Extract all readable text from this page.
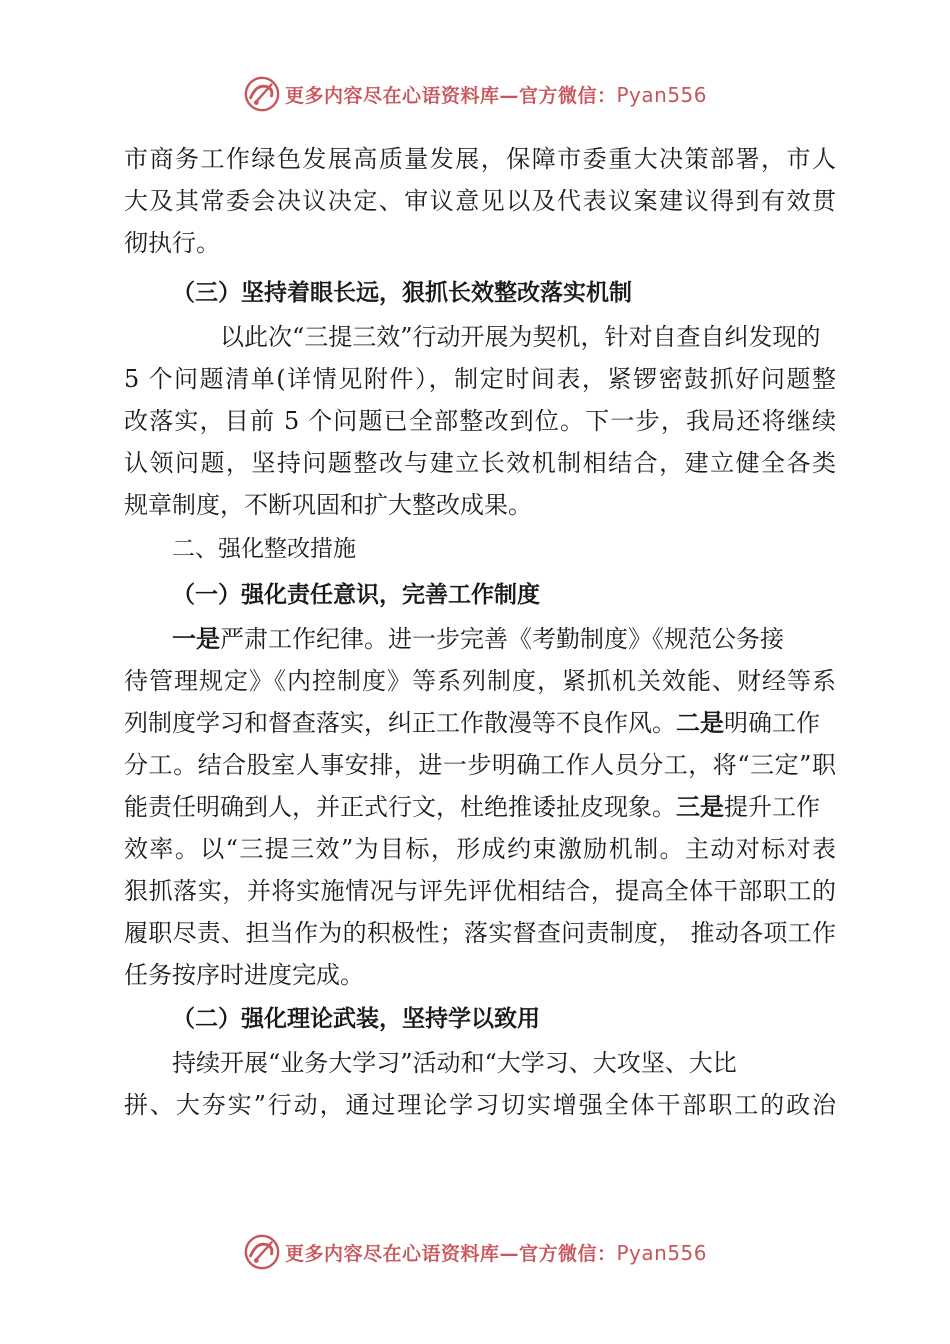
更多内容尽在心语资料库—官方微信：Pyan556
市商务工作绿色发展高质量发展，保障市委重大决策部署，市人
大及其常委会决议决定、审议意见以及代表议案建议得到有效贯
彻执行。
（三）坚持着眼长远，狠抓长效整改落实机制
以此次“三提三效”行动开展为契机，针对自查自纠发现的
5 个问题清单(详情见附件），制定时间表，紧锣密鼓抓好问题整
改落实，目前 5 个问题已全部整改到位。下一步，我局还将继续
认领问题，坚持问题整改与建立长效机制相结合，建立健全各类
规章制度，不断巩固和扩大整改成果。
二、强化整改措施
（一）强化责任意识，完善工作制度
一是严肃工作纪律。进一步完善《考勤制度》《规范公务接
待管理规定》《内控制度》等系列制度，紧抓机关效能、财经等系
列制度学习和督查落实，纠正工作散漫等不良作风。二是明确工作
分工。结合股室人事安排，进一步明确工作人员分工，将“三定”职
能责任明确到人，并正式行文，杜绝推诿扯皮现象。三是提升工作
效率。以“三提三效”为目标，形成约束激励机制。主动对标对表
狠抓落实，并将实施情况与评先评优相结合，提高全体干部职工的
履职尽责、担当作为的积极性；落实督查问责制度， 推动各项工作
任务按序时进度完成。
（二）强化理论武装，坚持学以致用
持续开展“业务大学习”活动和“大学习、大攻坚、大比
拼、大夯实”行动，通过理论学习切实增强全体干部职工的政治
更多内容尽在心语资料库—官方微信：Pyan556
